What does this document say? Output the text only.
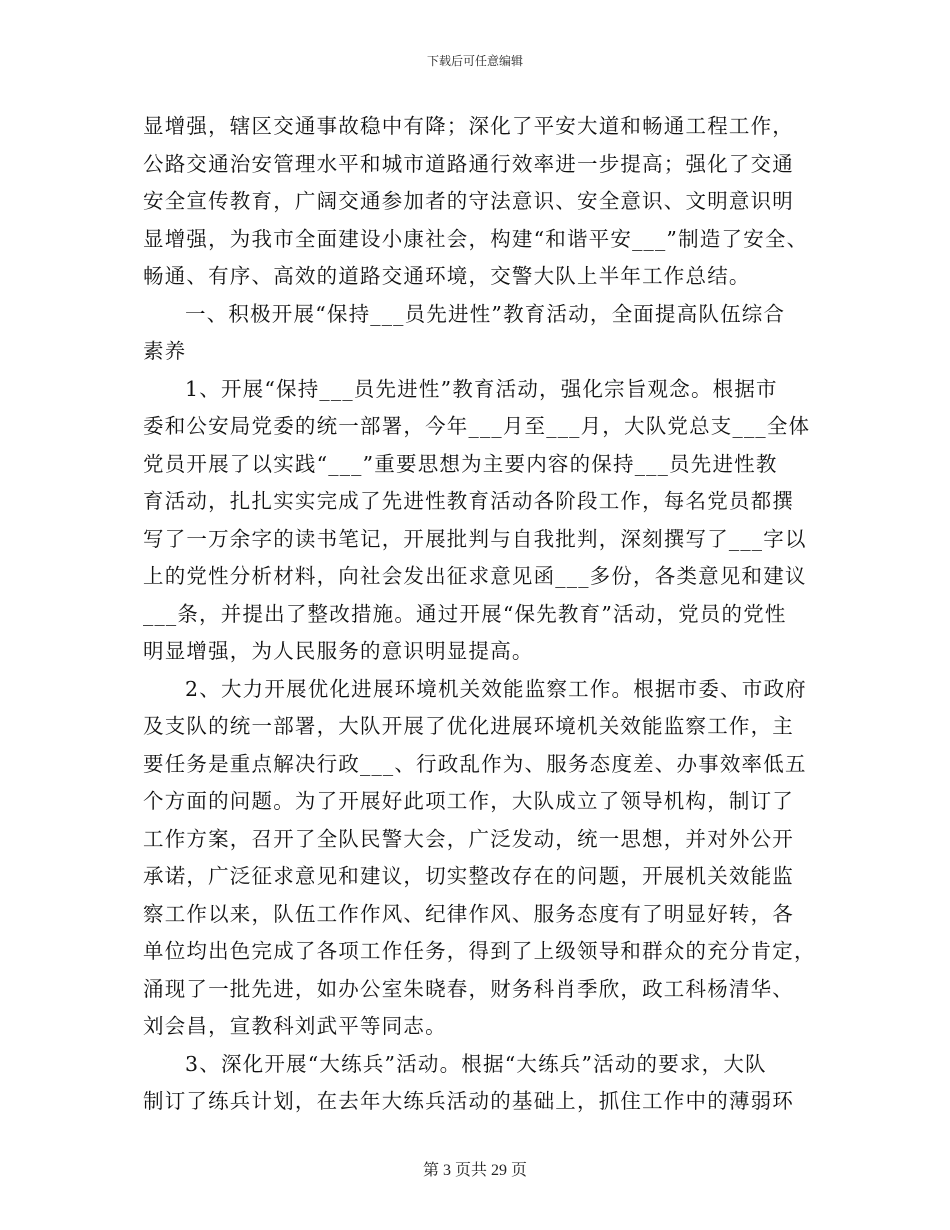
下载后可任意编辑
显增强，辖区交通事故稳中有降；深化了平安大道和畅通工程工作，
公路交通治安管理水平和城市道路通行效率进一步提高；强化了交通
安全宣传教育，广阔交通参加者的守法意识、安全意识、文明意识明
显增强，为我市全面建设小康社会，构建“和谐平安___”制造了安全、
畅通、有序、高效的道路交通环境，交警大队上半年工作总结。
一、积极开展“保持___员先进性”教育活动，全面提高队伍综合
素养
1、开展“保持___员先进性”教育活动，强化宗旨观念。根据市
委和公安局党委的统一部署，今年___月至___月，大队党总支___全体
党员开展了以实践“___”重要思想为主要内容的保持___员先进性教
育活动，扎扎实实完成了先进性教育活动各阶段工作，每名党员都撰
写了一万余字的读书笔记，开展批判与自我批判，深刻撰写了___字以
上的党性分析材料，向社会发出征求意见函___多份，各类意见和建议
___条，并提出了整改措施。通过开展“保先教育”活动，党员的党性
明显增强，为人民服务的意识明显提高。
2、大力开展优化进展环境机关效能监察工作。根据市委、市政府
及支队的统一部署，大队开展了优化进展环境机关效能监察工作，主
要任务是重点解决行政___、行政乱作为、服务态度差、办事效率低五
个方面的问题。为了开展好此项工作，大队成立了领导机构，制订了
工作方案，召开了全队民警大会，广泛发动，统一思想，并对外公开
承诺，广泛征求意见和建议，切实整改存在的问题，开展机关效能监
察工作以来，队伍工作作风、纪律作风、服务态度有了明显好转，各
单位均出色完成了各项工作任务，得到了上级领导和群众的充分肯定，
涌现了一批先进，如办公室朱晓春，财务科肖季欣，政工科杨清华、
刘会昌，宣教科刘武平等同志。
3、深化开展“大练兵”活动。根据“大练兵”活动的要求，大队
制订了练兵计划，在去年大练兵活动的基础上，抓住工作中的薄弱环
第 3 页共 29 页
